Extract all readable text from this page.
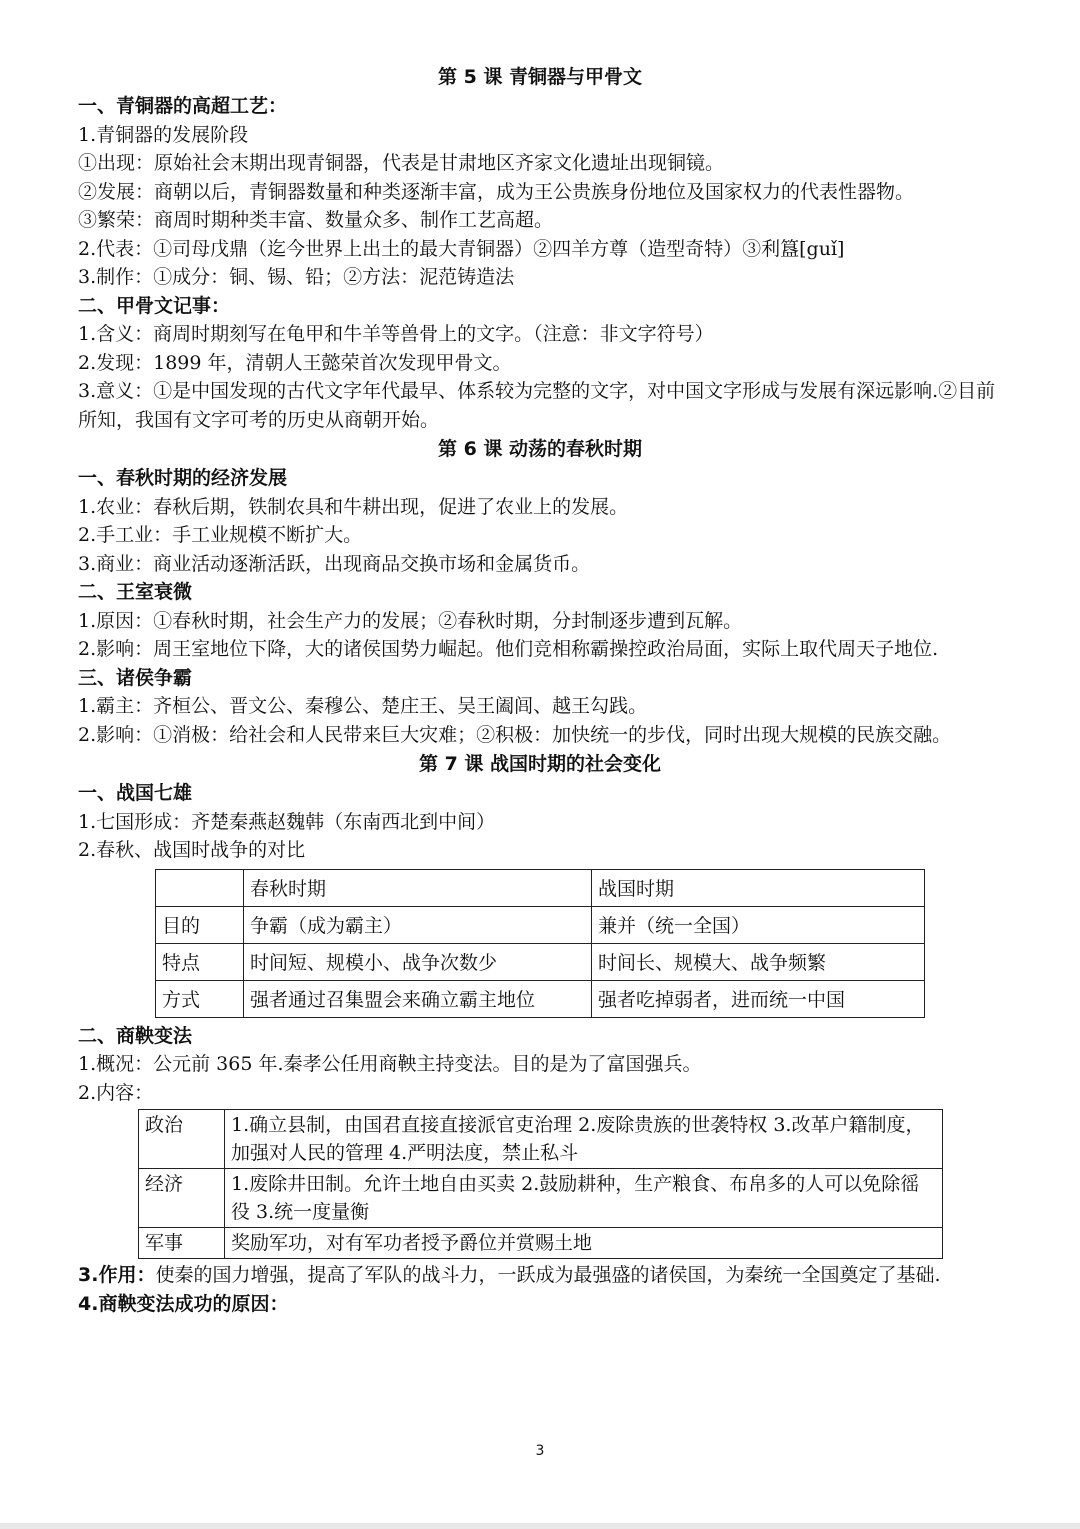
第 5 课 青铜器与甲骨文
一、青铜器的高超工艺：
1.青铜器的发展阶段
①出现：原始社会末期出现青铜器，代表是甘肃地区齐家文化遗址出现铜镜。
②发展：商朝以后，青铜器数量和种类逐渐丰富，成为王公贵族身份地位及国家权力的代表性器物。
③繁荣：商周时期种类丰富、数量众多、制作工艺高超。
2.代表：①司母戊鼎（迄今世界上出土的最大青铜器）②四羊方尊（造型奇特）③利簋[guǐ]
3.制作：①成分：铜、锡、铅；②方法：泥范铸造法
二、甲骨文记事：
1.含义：商周时期刻写在龟甲和牛羊等兽骨上的文字。（注意：非文字符号）
2.发现：1899 年，清朝人王懿荣首次发现甲骨文。
3.意义：①是中国发现的古代文字年代最早、体系较为完整的文字，对中国文字形成与发展有深远影响.②目前所知，我国有文字可考的历史从商朝开始。
第 6 课 动荡的春秋时期
一、春秋时期的经济发展
1.农业：春秋后期，铁制农具和牛耕出现，促进了农业上的发展。
2.手工业：手工业规模不断扩大。
3.商业：商业活动逐渐活跃，出现商品交换市场和金属货币。
二、王室衰微
1.原因：①春秋时期，社会生产力的发展；②春秋时期，分封制逐步遭到瓦解。
2.影响：周王室地位下降，大的诸侯国势力崛起。他们竞相称霸操控政治局面，实际上取代周天子地位.
三、诸侯争霸
1.霸主：齐桓公、晋文公、秦穆公、楚庄王、吴王阖闾、越王勾践。
2.影响：①消极：给社会和人民带来巨大灾难；②积极：加快统一的步伐，同时出现大规模的民族交融。
第 7 课 战国时期的社会变化
一、战国七雄
1.七国形成：齐楚秦燕赵魏韩（东南西北到中间）
2.春秋、战国时战争的对比
	春秋时期	战国时期
目的	争霸（成为霸主）	兼并（统一全国）
特点	时间短、规模小、战争次数少	时间长、规模大、战争频繁
方式	强者通过召集盟会来确立霸主地位	强者吃掉弱者，进而统一中国
二、商鞅变法
1.概况：公元前 365 年.秦孝公任用商鞅主持变法。目的是为了富国强兵。
2.内容：
政治	1.确立县制，由国君直接直接派官吏治理 2.废除贵族的世袭特权 3.改革户籍制度，加强对人民的管理 4.严明法度，禁止私斗
经济	1.废除井田制。允许土地自由买卖 2.鼓励耕种，生产粮食、布帛多的人可以免除徭役 3.统一度量衡
军事	奖励军功，对有军功者授予爵位并赏赐土地
3.作用：使秦的国力增强，提高了军队的战斗力，一跃成为最强盛的诸侯国，为秦统一全国奠定了基础.
4.商鞅变法成功的原因：
3
